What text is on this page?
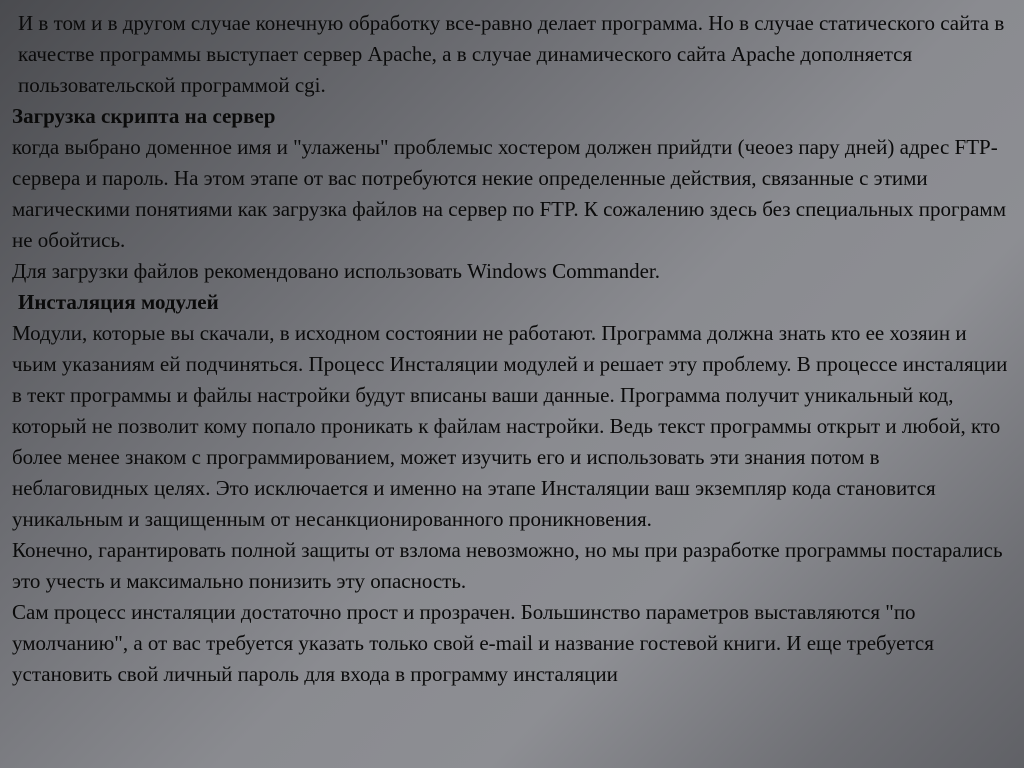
И в том и в другом случае конечную обработку все-равно делает программа. Но в случае статического сайта в качестве программы выступает сервер Apache, а в случае динамического сайта Apache дополняется пользовательской программой cgi.

Загрузка скрипта на сервер

когда выбрано доменное имя и "улажены" проблемыс хостером должен прийдти (чеоез пару дней) адрес FTP-сервера и пароль. На этом этапе от вас потребуются некие определенные действия, связанные с этими магическими понятиями как загрузка файлов на сервер по FTP. К сожалению здесь без специальных программ не обойтись.

Для загрузки файлов рекомендовано использовать Windows Commander.

Инсталяция модулей

Модули, которые вы скачали, в исходном состоянии не работают. Программа должна знать кто ее хозяин и чьим указаниям ей подчиняться. Процесс Инсталяции модулей и решает эту проблему. В процессе инсталяции в тект программы и файлы настройки будут вписаны ваши данные. Программа получит уникальный код, который не позволит кому попало проникать к файлам настройки. Ведь текст программы открыт и любой, кто более менее знаком с программированием, может изучить его и использовать эти знания потом в неблаговидных целях. Это исключается и именно на этапе Инсталяции ваш экземпляр кода становится уникальным и защищенным от несанкционированного проникновения.

Конечно, гарантировать полной защиты от взлома невозможно, но мы при разработке программы постарались это учесть и максимально понизить эту опасность.

Сам процесс инсталяции достаточно прост и прозрачен. Большинство параметров выставляются "по умолчанию", а от вас требуется указать только свой e-mail и название гостевой книги. И еще требуется установить свой личный пароль для входа в программу инсталяции
